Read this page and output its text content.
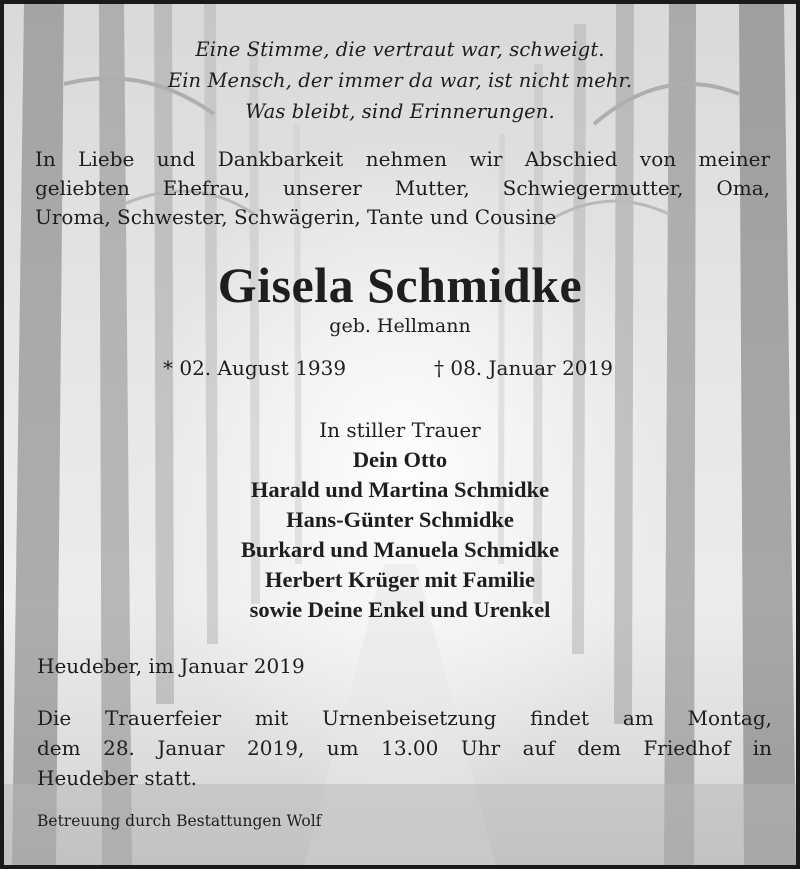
Eine Stimme, die vertraut war, schweigt.
Ein Mensch, der immer da war, ist nicht mehr.
Was bleibt, sind Erinnerungen.
In Liebe und Dankbarkeit nehmen wir Abschied von meiner
geliebten Ehefrau, unserer Mutter, Schwiegermutter, Oma,
Uroma, Schwester, Schwägerin, Tante und Cousine
Gisela Schmidke
geb. Hellmann
* 02. August 1939	† 08. Januar 2019
In stiller Trauer
Dein Otto
Harald und Martina Schmidke
Hans-Günter Schmidke
Burkard und Manuela Schmidke
Herbert Krüger mit Familie
sowie Deine Enkel und Urenkel
Heudeber, im Januar 2019
Die Trauerfeier mit Urnenbeisetzung findet am Montag,
dem 28. Januar 2019, um 13.00 Uhr auf dem Friedhof in
Heudeber statt.
Betreuung durch Bestattungen Wolf
